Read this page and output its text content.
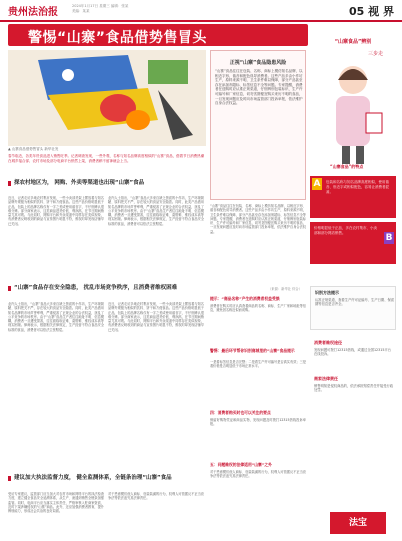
贵州法治报
2024年1月17日 星期三 编辑：张某 美编：某某	05 视 界
警惕“山寨”食品借势售冒头
▲ 山寨食品借势售冒头 新华社发
春节临近，各类年货食品进入销售旺季。记者调查发现，一些外观、名称与知名品牌高度相似的“山寨”食品，借着节日消费热潮在城乡接合部、农村市场及部分电商平台悄然上架，消费者稍不留神就会上当。
正视“山寨”食品隐患风险
“山寨”食品往往在包装、名称、商标上模仿知名品牌，以相近字形、谐音和配色误导消费者。这些产品多由小作坊生产，原料来源不明，卫生条件难以保障，部分产品甚至存在添加剂超标、标签信息不全等问题。专家提醒，消费者在选购时应认准正规渠道，仔细辨别包装标识、生产许可编号和厂家信息，切勿贪图便宜购买来历不明的食品，一旦发现问题应及时向市场监管部门投诉举报，依法维护自身合法权益。
探农村地区为， 网购、外卖等渠道也出现“山寨”食品
近日，记者走访多地农村集市发现，一些小卖部货架上摆放着与知名品牌外观极为相似的饮料、饼干和方便食品。这些产品价格明显低于正品，包装上的品牌名称仅有一字之差或使用谐音字，不仔细辨认很难分辨。部分商家表示，这类商品进货价低、利润高，在节日期间销量尤其可观。与此同时，网购平台和外卖渠道中同样存在类似现象，有消费者反映收到的商品与宣传图片明显不符，维权时却发现店铺早已关闭。
业内人士指出，“山寨”食品大多来自缺乏资质的小作坊，生产环境简陋、原料把关不严，存在较大的食品安全隐患。同时，此类产品借用知名品牌的市场声誉牟利，严重侵害了正规企业的合法权益，扰乱了公平竞争的市场秩序。由于“山寨”食品生产者往往地址不明、信息模糊，消费者一旦遭受损害，往往面临取证难、索赔难、维权成本高等现实困境。律师表示，根据相关法律规定，生产经营不符合食品安全标准的食品，消费者可以依法主张赔偿。
“山寨”食品存在安全隐患， 扰乱市场竞争秩序，且消费者维权困难
业内人士指出，“山寨”食品大多来自缺乏资质的小作坊，生产环境简陋、原料把关不严，存在较大的食品安全隐患。同时，此类产品借用知名品牌的市场声誉牟利，严重侵害了正规企业的合法权益，扰乱了公平竞争的市场秩序。由于“山寨”食品生产者往往地址不明、信息模糊，消费者一旦遭受损害，往往面临取证难、索赔难、维权成本高等现实困境。律师表示，根据相关法律规定，生产经营不符合食品安全标准的食品，消费者可以依法主张赔偿。
近日，记者走访多地农村集市发现，一些小卖部货架上摆放着与知名品牌外观极为相似的饮料、饼干和方便食品。这些产品价格明显低于正品，包装上的品牌名称仅有一字之差或使用谐音字，不仔细辨认很难分辨。部分商家表示，这类商品进货价低、利润高，在节日期间销量尤其可观。与此同时，网购平台和外卖渠道中同样存在类似现象，有消费者反映收到的商品与宣传图片明显不符，维权时却发现店铺早已关闭。
建议加大执法监督力度， 健全监测体系，全链条治理“山寨”食品
受访专家建议，监管部门应当加大对农村市场和网络平台的执法检查力度，建立健全食品安全追溯体系，从生产、流通到销售全链条加强监管。同时，电商平台应当落实主体责任，严格审核入驻商家资质，及时下架涉嫌侵权的“山寨”商品。此外，还应加强消费者教育，提升辨别能力，形成社会共治的良好局面。
对于恶意模仿他人商标、包装装潢的行为，权利人可依据反不正当竞争法等依法追究其法律责任。
“山寨”食品往往在包装、名称、商标上模仿知名品牌，以相近字形、谐音和配色误导消费者。这些产品多由小作坊生产，原料来源不明，卫生条件难以保障，部分产品甚至存在添加剂超标、标签信息不全等问题。专家提醒，消费者在选购时应认准正规渠道，仔细辨别包装标识、生产许可编号和厂家信息，切勿贪图便宜购买来历不明的食品，一旦发现问题应及时向市场监管部门投诉举报，依法维护自身合法权益。
（来源：新华社 综合）
提示：“商品名称”产生的消费者权益受损
消费者在购买时应认真查看商品的名称、商标、生产厂家和地址等信息，避免因名称近似而误购。
警惕：最后环节帮你识别商城里的“山寨”食品提示
一是看标签信息是否完整；二是看生产许可编号是否真实有效；三是看价格是否明显低于市场正常水平。
四：消费者购买时也可以关注的要点
保留好购物凭证和商品实物，发现问题及时拨打12315热线投诉举报。
五：问题维权的法律适用“山寨”之外
对于恶意模仿他人商标、包装装潢的行为，权利人可依据反不正当竞争法等依法追究其法律责任。
“山寨食品”辨别
三步走
“山寨食品”的特点
A	包装和名称与知名品牌高度相似，使用谐音、形近字或相似配色，容易让消费者混淆。
价格明显低于正品，多在农村集市、小卖部和部分网店销售。
B
识别方法提示
认准正规渠道，查看生产许可证编号、生产日期、保质期等信息是否齐全。
消费者维权途径
发现问题可拨打12315热线，或通过全国12315平台在线投诉。
商家法律责任
销售明知是侵权商品的，依法承担赔偿责任并接受行政处罚。
法宝
